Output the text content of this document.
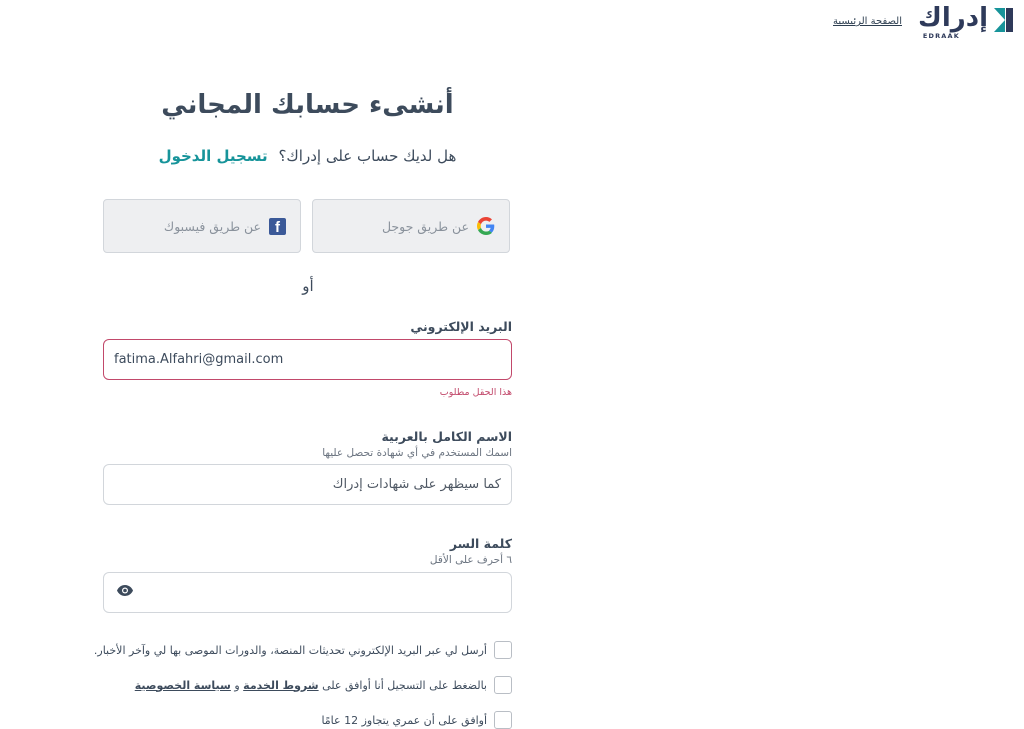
إدراك
EDRAAK
الصفحة الرئيسية
أنشىء حسابك المجاني
هل لديك حساب على إدراك؟ تسجيل الدخول
عن طريق جوجل
f
عن طريق فيسبوك
أو
البريد الإلكتروني
fatima.Alfahri@gmail.com
هذا الحقل مطلوب
الاسم الكامل بالعربية
اسمك المستخدم في أي شهادة تحصل عليها
كما سيظهر على شهادات إدراك
كلمة السر
٦ أحرف على الأقل
أرسل لي عبر البريد الإلكتروني تحديثات المنصة، والدورات الموصى بها لي وآخر الأخبار.
بالضغط على التسجيل أنا أوافق على

شروط الخدمة

و

سياسة الخصوصية
أوافق على أن عمري يتجاوز 12 عامًا
